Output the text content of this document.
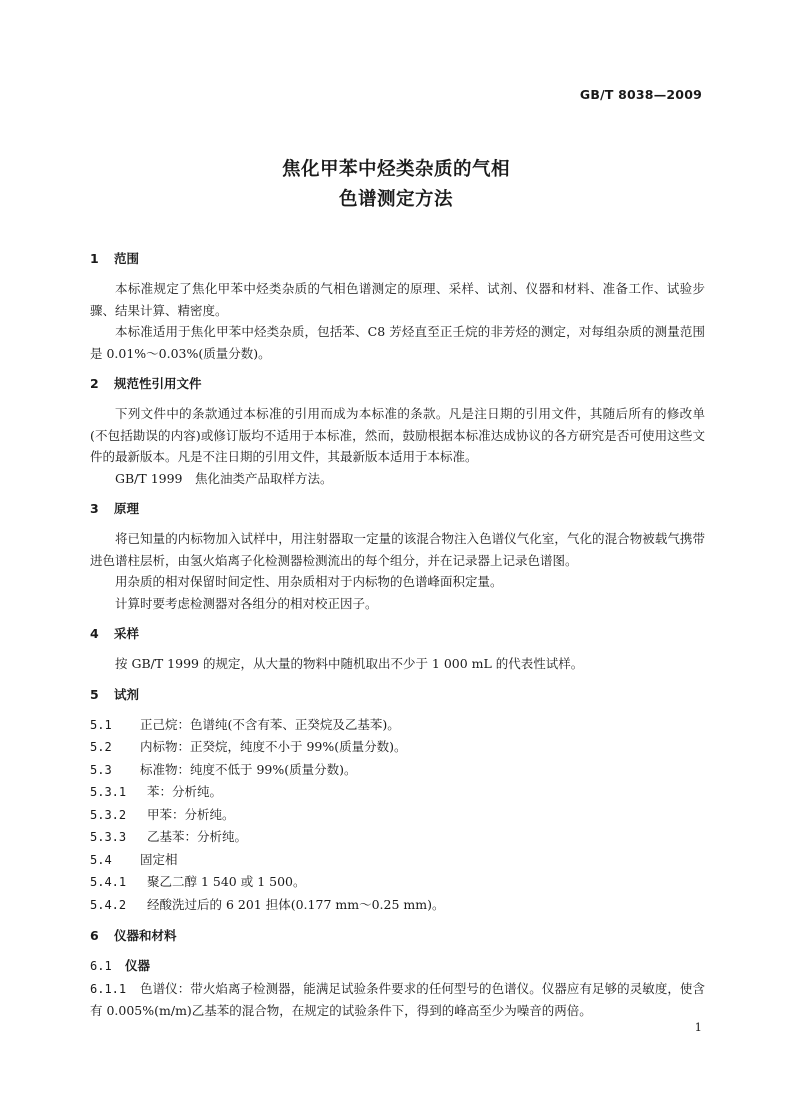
GB/T 8038—2009
焦化甲苯中烃类杂质的气相
色谱测定方法
1 范围

本标准规定了焦化甲苯中烃类杂质的气相色谱测定的原理、采样、试剂、仪器和材料、准备工作、试验步骤、结果计算、精密度。

本标准适用于焦化甲苯中烃类杂质，包括苯、C8 芳烃直至正壬烷的非芳烃的测定，对每组杂质的测量范围是 0.01%～0.03%(质量分数)。

2 规范性引用文件

下列文件中的条款通过本标准的引用而成为本标准的条款。凡是注日期的引用文件，其随后所有的修改单(不包括勘误的内容)或修订版均不适用于本标准，然而，鼓励根据本标准达成协议的各方研究是否可使用这些文件的最新版本。凡是不注日期的引用文件，其最新版本适用于本标准。

GB/T 1999　焦化油类产品取样方法。

3 原理

将已知量的内标物加入试样中，用注射器取一定量的该混合物注入色谱仪气化室，气化的混合物被载气携带进色谱柱层析，由氢火焰离子化检测器检测流出的每个组分，并在记录器上记录色谱图。

用杂质的相对保留时间定性、用杂质相对于内标物的色谱峰面积定量。

计算时要考虑检测器对各组分的相对校正因子。

4 采样

按 GB/T 1999 的规定，从大量的物料中随机取出不少于 1 000 mL 的代表性试样。

5 试剂

5.1 正己烷：色谱纯(不含有苯、正癸烷及乙基苯)。

5.2 内标物：正癸烷，纯度不小于 99%(质量分数)。

5.3 标准物：纯度不低于 99%(质量分数)。

5.3.1 苯：分析纯。

5.3.2 甲苯：分析纯。

5.3.3 乙基苯：分析纯。

5.4 固定相

5.4.1 聚乙二醇 1 540 或 1 500。

5.4.2 经酸洗过后的 6 201 担体(0.177 mm～0.25 mm)。

6 仪器和材料

6.1 仪器

6.1.1 色谱仪：带火焰离子检测器，能满足试验条件要求的任何型号的色谱仪。仪器应有足够的灵敏度，使含有 0.005%(m/m)乙基苯的混合物，在规定的试验条件下，得到的峰高至少为噪音的两倍。

1
